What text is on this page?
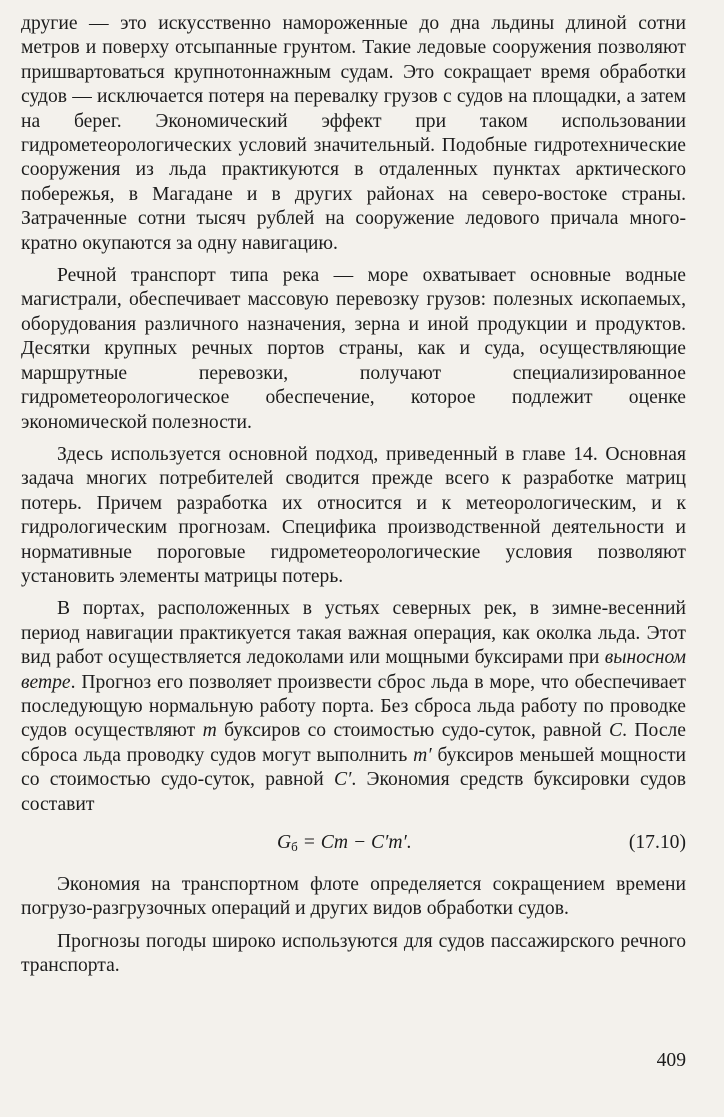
другие — это искусственно намороженные до дна льдины длиной сотни метров и поверху отсыпанные грунтом. Такие ледовые сооружения позволяют пришвартоваться крупнотоннажным судам. Это сокращает время обработки судов — исключается потеря на перевалку грузов с судов на площадки, а затем на берег. Экономический эффект при таком использовании гидрометеорологических условий значительный. Подобные гидротехнические сооружения из льда практикуются в отдаленных пунктах арктического побережья, в Магадане и в других районах на северо-востоке страны. Затраченные сотни тысяч рублей на сооружение ледового причала многократно окупаются за одну навигацию.

Речной транспорт типа река — море охватывает основные водные магистрали, обеспечивает массовую перевозку грузов: полезных ископаемых, оборудования различного назначения, зерна и иной продукции и продуктов. Десятки крупных речных портов страны, как и суда, осуществляющие маршрутные перевозки, получают специализированное гидрометеорологическое обеспечение, которое подлежит оценке экономической полезности.

Здесь используется основной подход, приведенный в главе 14. Основная задача многих потребителей сводится прежде всего к разработке матриц потерь. Причем разработка их относится и к метеорологическим, и к гидрологическим прогнозам. Специфика производственной деятельности и нормативные пороговые гидрометеорологические условия позволяют установить элементы матрицы потерь.

В портах, расположенных в устьях северных рек, в зимне-весенний период навигации практикуется такая важная операция, как околка льда. Этот вид работ осуществляется ледоколами или мощными буксирами при выносном ветре. Прогноз его позволяет произвести сброс льда в море, что обеспечивает последующую нормальную работу порта. Без сброса льда работу по проводке судов осуществляют m буксиров со стоимостью судо-суток, равной C. После сброса льда проводку судов могут выполнить m′ буксиров меньшей мощности со стоимостью судо-суток, равной C′. Экономия средств буксировки судов составит

$G_б = Cm - C'm'$.	(17.10)

Экономия на транспортном флоте определяется сокращением времени погрузо-разгрузочных операций и других видов обработки судов.

Прогнозы погоды широко используются для судов пассажирского речного транспорта.

409
